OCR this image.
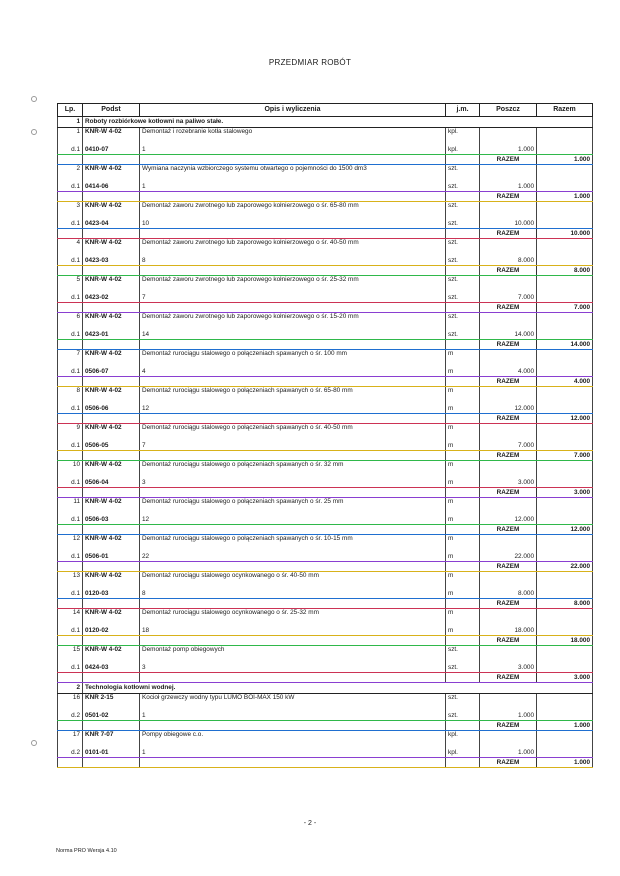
PRZEDMIAR ROBÓT
Lp.	Podst	Opis i wyliczenia	j.m.	Poszcz	Razem
1	Roboty rozbiórkowe kotłowni na paliwo stałe.				
1	KNR-W 4-02	Demontaż i rozebranie kotła stalowego	kpl.		
d.1	0410-07	1	kpl.	1.000	
				RAZEM	1.000
2	KNR-W 4-02	Wymiana naczynia wzbiorczego systemu otwartego o pojemności do 1500 dm3	szt.		
d.1	0414-06	1	szt.	1.000	
				RAZEM	1.000
3	KNR-W 4-02	Demontaż zaworu zwrotnego lub zaporowego kołnierzowego o śr. 65-80 mm	szt.		
d.1	0423-04	10	szt.	10.000	
				RAZEM	10.000
4	KNR-W 4-02	Demontaż zaworu zwrotnego lub zaporowego kołnierzowego o śr. 40-50 mm	szt.		
d.1	0423-03	8	szt.	8.000	
				RAZEM	8.000
5	KNR-W 4-02	Demontaż zaworu zwrotnego lub zaporowego kołnierzowego o śr. 25-32 mm	szt.		
d.1	0423-02	7	szt.	7.000	
				RAZEM	7.000
6	KNR-W 4-02	Demontaż zaworu zwrotnego lub zaporowego kołnierzowego o śr. 15-20 mm	szt.		
d.1	0423-01	14	szt.	14.000	
				RAZEM	14.000
7	KNR-W 4-02	Demontaż rurociągu stalowego o połączeniach spawanych o śr. 100 mm	m		
d.1	0506-07	4	m	4.000	
				RAZEM	4.000
8	KNR-W 4-02	Demontaż rurociągu stalowego o połączeniach spawanych o śr. 65-80 mm	m		
d.1	0506-06	12	m	12.000	
				RAZEM	12.000
9	KNR-W 4-02	Demontaż rurociągu stalowego o połączeniach spawanych o śr. 40-50 mm	m		
d.1	0506-05	7	m	7.000	
				RAZEM	7.000
10	KNR-W 4-02	Demontaż rurociągu stalowego o połączeniach spawanych o śr. 32 mm	m		
d.1	0506-04	3	m	3.000	
				RAZEM	3.000
11	KNR-W 4-02	Demontaż rurociągu stalowego o połączeniach spawanych o śr. 25 mm	m		
d.1	0506-03	12	m	12.000	
				RAZEM	12.000
12	KNR-W 4-02	Demontaż rurociągu stalowego o połączeniach spawanych o śr. 10-15 mm	m		
d.1	0506-01	22	m	22.000	
				RAZEM	22.000
13	KNR-W 4-02	Demontaż rurociągu stalowego ocynkowanego o śr. 40-50 mm	m		
d.1	0120-03	8	m	8.000	
				RAZEM	8.000
14	KNR-W 4-02	Demontaż rurociągu stalowego ocynkowanego o śr. 25-32 mm	m		
d.1	0120-02	18	m	18.000	
				RAZEM	18.000
15	KNR-W 4-02	Demontaż pomp obiegowych	szt.		
d.1	0424-03	3	szt.	3.000	
				RAZEM	3.000
2	Technologia kotłowni wodnej.				
16	KNR 2-15	Kocioł grzewczy wodny typu LUMO BOI-MAX 150 kW	szt.		
d.2	0501-02	1	szt.	1.000	
				RAZEM	1.000
17	KNR 7-07	Pompy obiegowe c.o.	kpl.		
d.2	0101-01	1	kpl.	1.000	
				RAZEM	1.000
- 2 -
Norma PRO Wersja 4.10
